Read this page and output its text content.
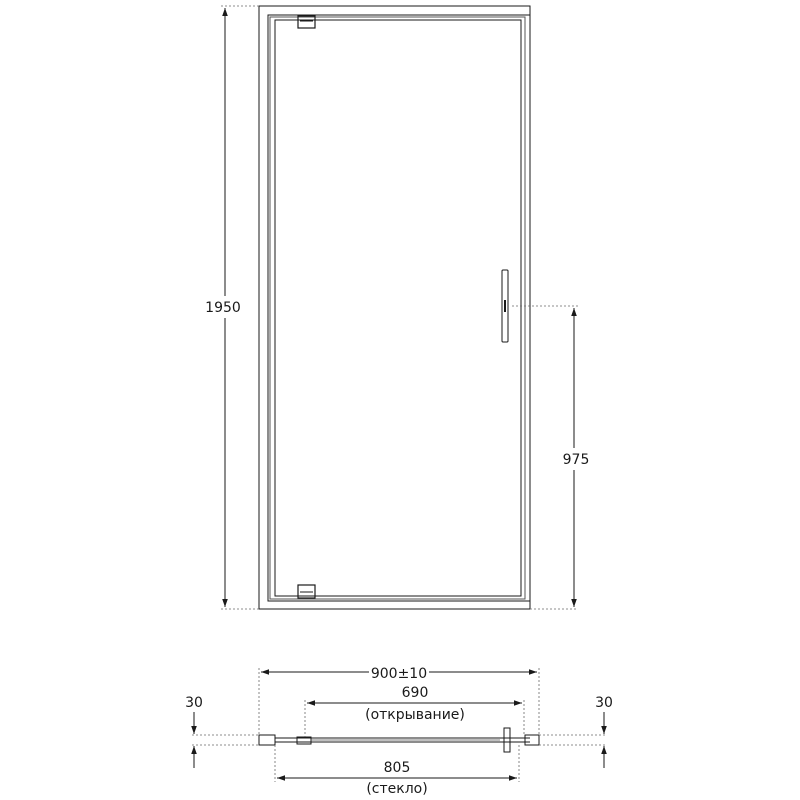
1950
975
900±10
690
(открывание)
805
(стекло)
30	30
